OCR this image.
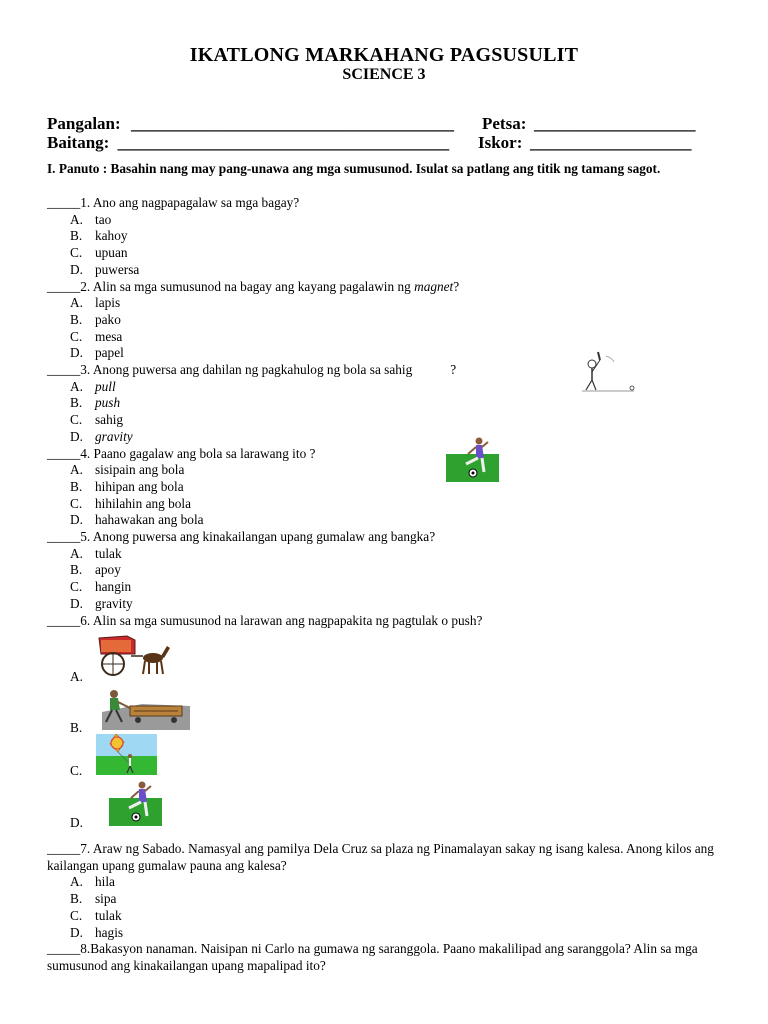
IKATLONG MARKAHANG PAGSUSULIT
SCIENCE 3
Pangalan: ______________________________________ Petsa: ___________________
Baitang: _______________________________________ Iskor: ___________________
I. Panuto : Basahin nang may pang-unawa ang mga sumusunod. Isulat sa patlang ang titik ng tamang sagot.
_____1. Ano ang nagpapagalaw sa mga bagay?
A. tao
B. kahoy
C. upuan
D. puwersa
_____2. Alin sa mga sumusunod na bagay ang kayang pagalawin ng magnet?
A. lapis
B. pako
C. mesa
D. papel
_____3. Anong puwersa ang dahilan ng pagkahulog ng bola sa sahig	?
A. pull
B. push
C. sahig
D. gravity
_____4. Paano gagalaw ang bola sa larawang ito ?
A. sisipain ang bola
B. hihipan ang bola
C. hihilahin ang bola
D. hahawakan ang bola
_____5. Anong puwersa ang kinakailangan upang gumalaw ang bangka?
A. tulak
B. apoy
C. hangin
D. gravity
_____6. Alin sa mga sumusunod na larawan ang nagpapakita ng pagtulak o push?
A.
B.
C.
D.
_____7. Araw ng Sabado. Namasyal ang pamilya Dela Cruz sa plaza ng Pinamalayan sakay ng isang kalesa. Anong kilos ang kailangan upang gumalaw pauna ang kalesa?
A. hila
B. sipa
C. tulak
D. hagis
_____8.Bakasyon nanaman. Naisipan ni Carlo na gumawa ng saranggola. Paano makalilipad ang saranggola? Alin sa mga sumusunod ang kinakailangan upang mapalipad ito?
